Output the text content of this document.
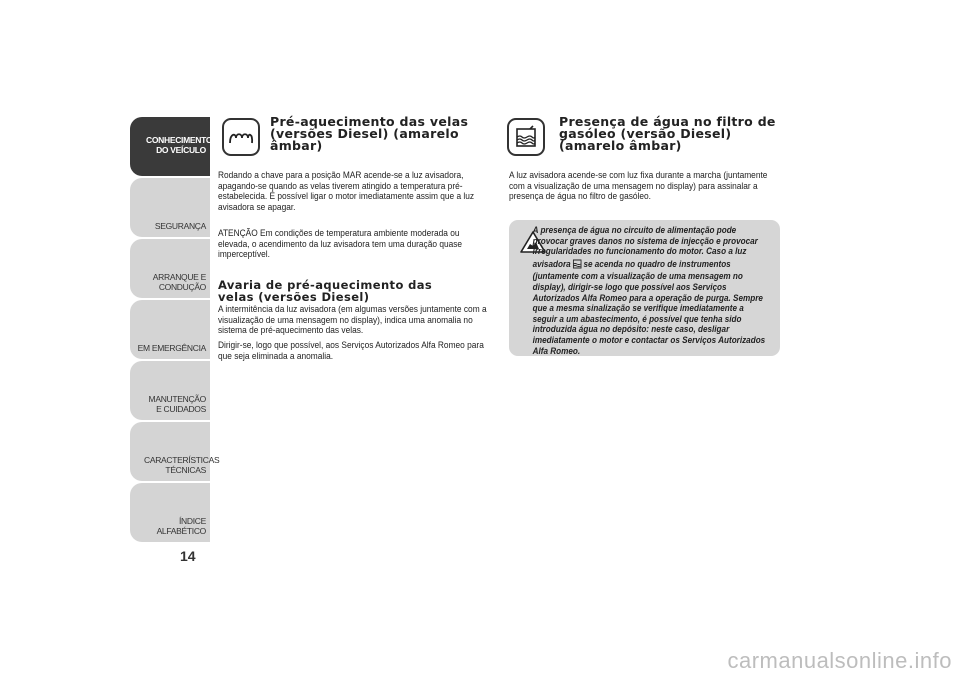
CONHECIMENTO DO VEÍCULO
SEGURANÇA
ARRANQUE E CONDUÇÃO
EM EMERGÊNCIA
MANUTENÇÃO E CUIDADOS
CARACTERÍSTICAS TÉCNICAS
ÍNDICE ALFABÉTICO
14
Pré-aquecimento das velas (versões Diesel) (amarelo âmbar)

Rodando a chave para a posição MAR acende-se a luz avisadora, apagando-se quando as velas tiverem atingido a temperatura pré-estabelecida. É possível ligar o motor imediatamente assim que a luz avisadora se apagar.

ATENÇÃO Em condições de temperatura ambiente moderada ou elevada, o acendimento da luz avisadora tem uma duração quase imperceptível.

Avaria de pré-aquecimento das velas (versões Diesel)

A intermitência da luz avisadora (em algumas versões juntamente com a visualização de uma mensagem no display), indica uma anomalia no sistema de pré-aquecimento das velas.

Dirigir-se, logo que possível, aos Serviços Autorizados Alfa Romeo para que seja eliminada a anomalia.

Presença de água no filtro de gasóleo (versão Diesel) (amarelo âmbar)

A luz avisadora acende-se com luz fixa durante a marcha (juntamente com a visualização de uma mensagem no display) para assinalar a presença de água no filtro de gasóleo.

A presença de água no circuito de alimentação pode provocar graves danos no sistema de injecção e provocar irregularidades no funcionamento do motor. Caso a luz avisadora se acenda no quadro de instrumentos (juntamente com a visualização de uma mensagem no display), dirigir-se logo que possível aos Serviços Autorizados Alfa Romeo para a operação de purga. Sempre que a mesma sinalização se verifique imediatamente a seguir a um abastecimento, é possível que tenha sido introduzida água no depósito: neste caso, desligar imediatamente o motor e contactar os Serviços Autorizados Alfa Romeo.

carmanualsonline.info
